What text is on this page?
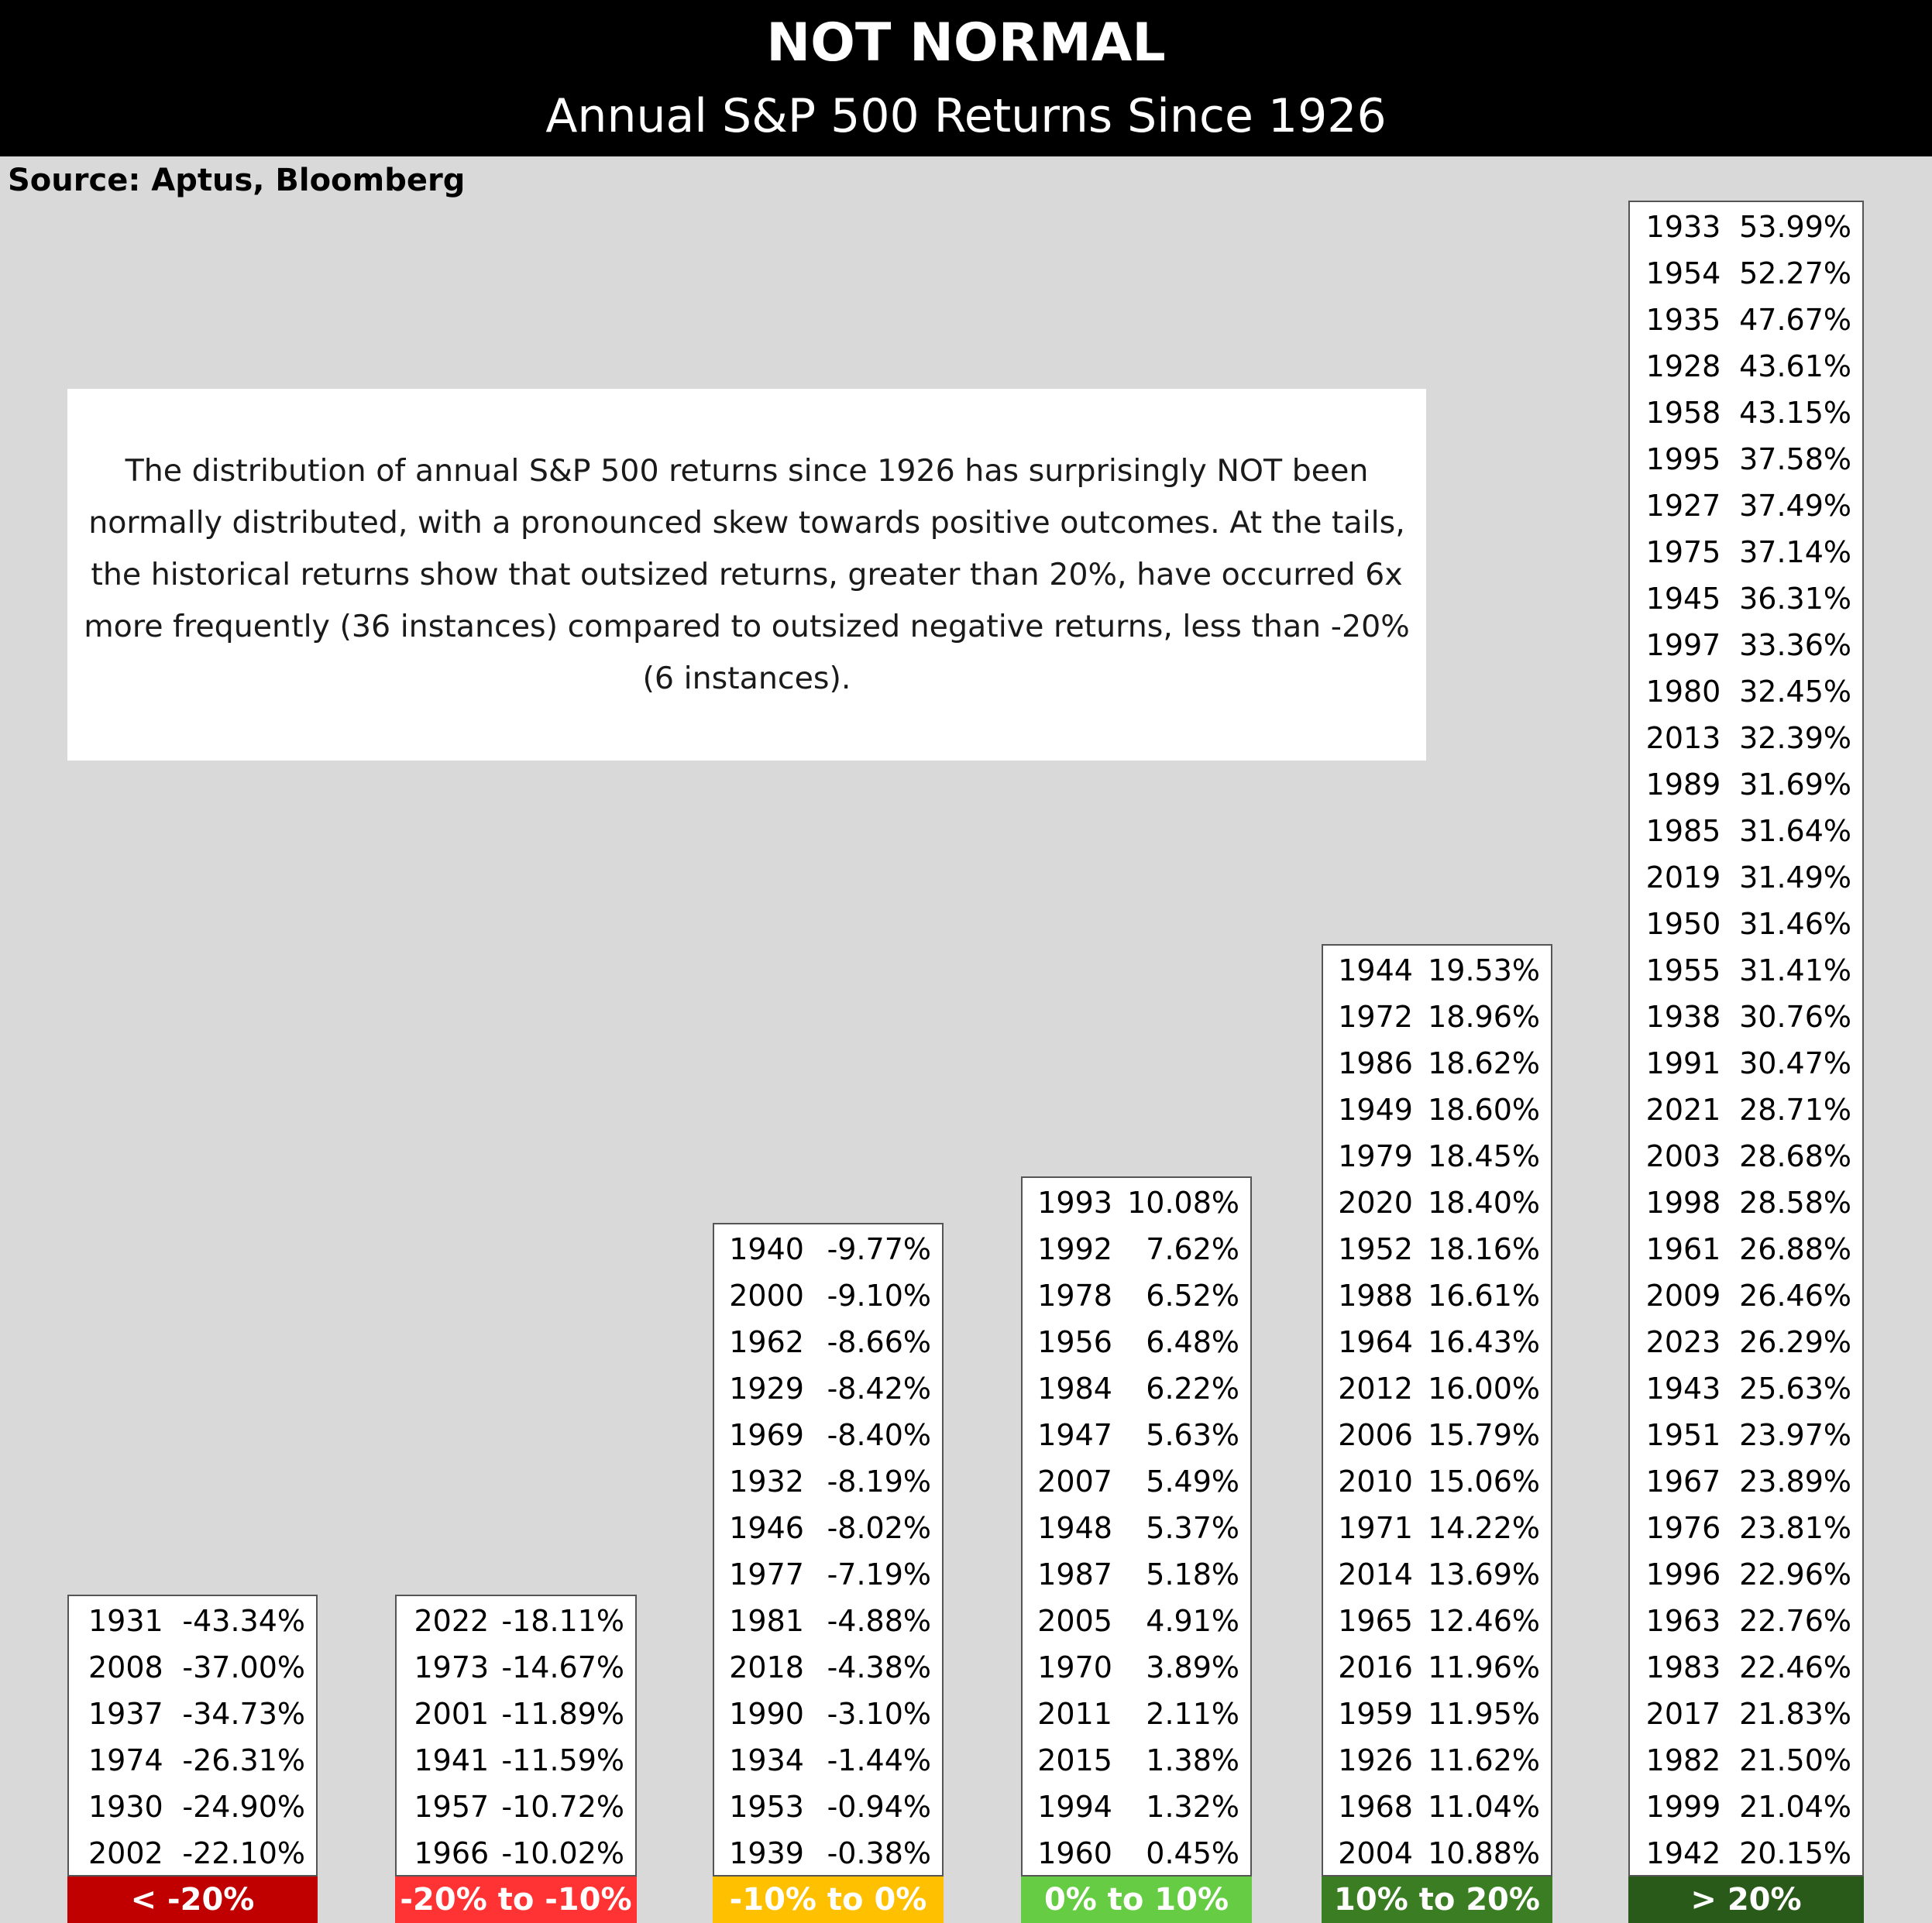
NOT NORMAL
Annual S&P 500 Returns Since 1926
Source: Aptus, Bloomberg
The distribution of annual S&P 500 returns since 1926 has surprisingly NOT been normally distributed, with a pronounced skew towards positive outcomes. At the tails, the historical returns show that outsized returns, greater than 20%, have occurred 6x more frequently (36 instances) compared to outsized negative returns, less than -20% (6 instances).
1931 -43.34%
2008 -37.00%
1937 -34.73%
1974 -26.31%
1930 -24.90%
2002 -22.10%
< -20%
2022 -18.11%
1973 -14.67%
2001 -11.89%
1941 -11.59%
1957 -10.72%
1966 -10.02%
-20% to -10%
1940 -9.77%
2000 -9.10%
1962 -8.66%
1929 -8.42%
1969 -8.40%
1932 -8.19%
1946 -8.02%
1977 -7.19%
1981 -4.88%
2018 -4.38%
1990 -3.10%
1934 -1.44%
1953 -0.94%
1939 -0.38%
-10% to 0%
1993 10.08%
1992	7.62%
1978	6.52%
1956	6.48%
1984	6.22%
1947	5.63%
2007	5.49%
1948	5.37%
1987	5.18%
2005	4.91%
1970	3.89%
2011	2.11%
2015	1.38%
1994	1.32%
1960	0.45%
0% to 10%
1944 19.53%
1972 18.96%
1986 18.62%
1949 18.60%
1979 18.45%
2020 18.40%
1952 18.16%
1988 16.61%
1964 16.43%
2012 16.00%
2006 15.79%
2010 15.06%
1971 14.22%
2014 13.69%
1965 12.46%
2016 11.96%
1959 11.95%
1926 11.62%
1968 11.04%
2004 10.88%
10% to 20%
1933 53.99%
1954 52.27%
1935 47.67%
1928 43.61%
1958 43.15%
1995 37.58%
1927 37.49%
1975 37.14%
1945 36.31%
1997 33.36%
1980 32.45%
2013 32.39%
1989 31.69%
1985 31.64%
2019 31.49%
1950 31.46%
1955 31.41%
1938 30.76%
1991 30.47%
2021 28.71%
2003 28.68%
1998 28.58%
1961 26.88%
2009 26.46%
2023 26.29%
1943 25.63%
1951 23.97%
1967 23.89%
1976 23.81%
1996 22.96%
1963 22.76%
1983 22.46%
2017 21.83%
1982 21.50%
1999 21.04%
1942 20.15%
> 20%
